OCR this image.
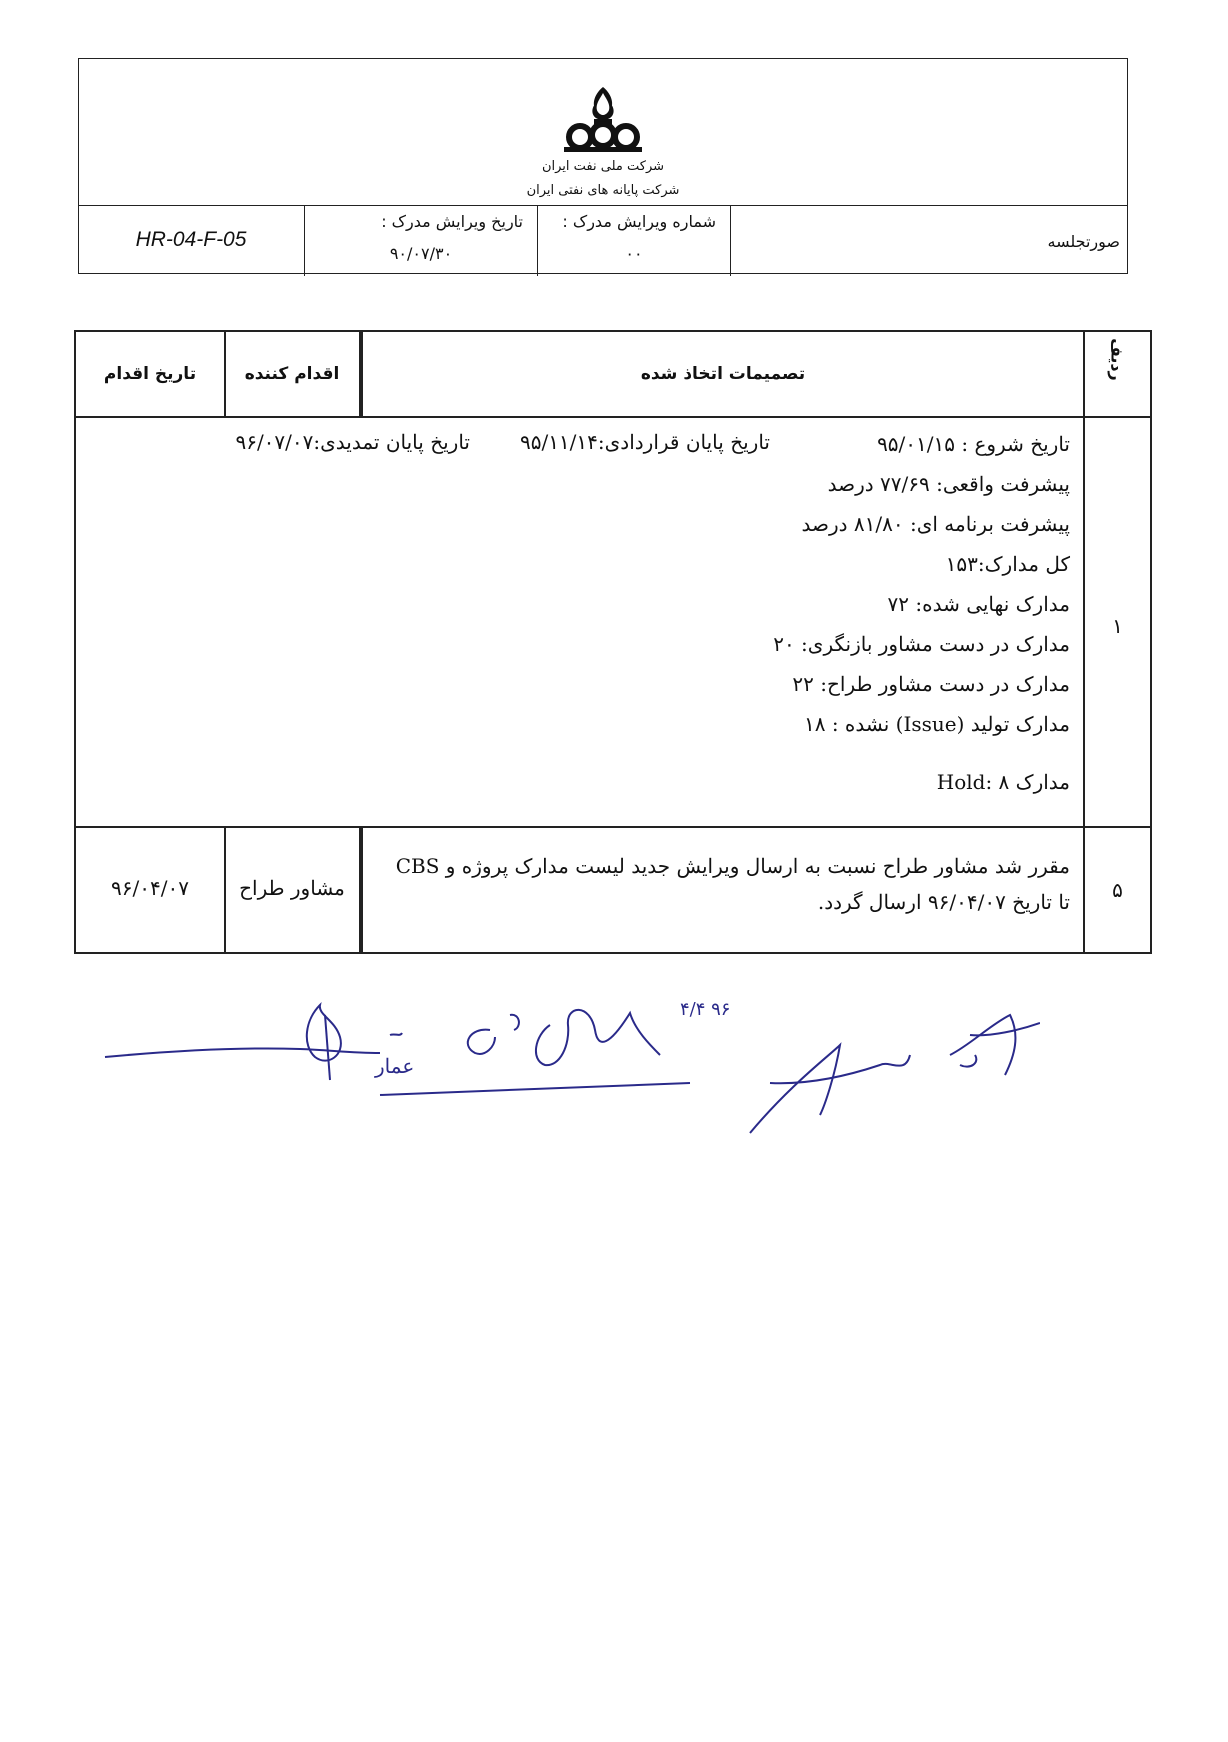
شرکت ملی نفت ایران
شرکت پایانه های نفتی ایران
صورتجلسه
شماره ویرایش مدرک :
۰۰
تاریخ ویرایش مدرک :
۹۰/۰۷/۳۰
HR-04-F-05
ردیف
تصمیمات اتخاذ شده
اقدام کننده
تاریخ اقدام
۱
تاریخ شروع : ۹۵/۰۱/۱۵
تاریخ پایان قراردادی:۹۵/۱۱/۱۴
تاریخ پایان تمدیدی:۹۶/۰۷/۰۷
پیشرفت واقعی: ۷۷/۶۹ درصد
پیشرفت برنامه ای: ۸۱/۸۰ درصد
کل مدارک:۱۵۳
مدارک نهایی شده: ۷۲
مدارک در دست مشاور بازنگری: ۲۰
مدارک در دست مشاور طراح: ۲۲
مدارک تولید (Issue) نشده : ۱۸
مدارک Hold: ۸
۵
مقرر شد مشاور طراح نسبت به ارسال ویرایش جدید لیست مدارک پروژه و CBS
تا تاریخ ۹۶/۰۴/۰۷ ارسال گردد.
مشاور طراح
۹۶/۰۴/۰۷
۴/۴ ۹۶
عمار
